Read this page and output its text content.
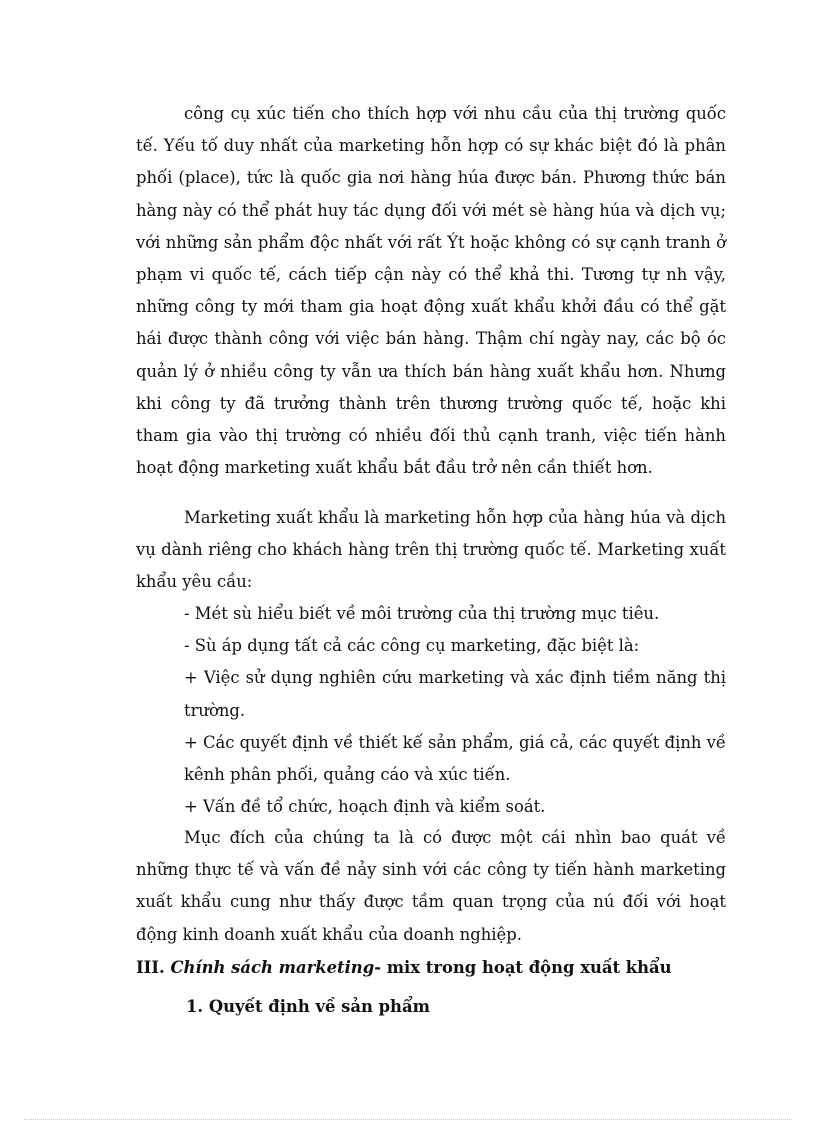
công cụ xúc tiến cho thích hợp với nhu cầu của thị trường quốc tế. Yếu tố duy nhất của marketing hỗn hợp có sự khác biệt đó là phân phối (place), tức là quốc gia nơi hàng húa được bán. Phương thức bán hàng này có thể phát huy tác dụng đối với mét sè hàng húa và dịch vụ; với những sản phẩm độc nhất với rất Ýt hoặc không có sự cạnh tranh ở phạm vi quốc tế, cách tiếp cận này có thể khả thi. Tương tự nh vậy, những công ty mới tham gia hoạt động xuất khẩu khởi đầu có thể gặt hái được thành công với việc bán hàng. Thậm chí ngày nay, các bộ óc quản lý ở nhiều công ty vẫn ưa thích bán hàng xuất khẩu hơn. Nhưng khi công ty đã trưởng thành trên thương trường quốc tế, hoặc khi tham gia vào thị trường có nhiều đối thủ cạnh tranh, việc tiến hành hoạt động marketing xuất khẩu bắt đầu trở nên cần thiết hơn.

Marketing xuất khẩu là marketing hỗn hợp của hàng húa và dịch vụ dành riêng cho khách hàng trên thị trường quốc tế. Marketing xuất khẩu yêu cầu:

- Mét sù hiểu biết về môi trường của thị trường mục tiêu.

- Sù áp dụng tất cả các công cụ marketing, đặc biệt là:

+ Việc sử dụng nghiên cứu marketing và xác định tiềm năng thị trường.

+ Các quyết định về thiết kế sản phẩm, giá cả, các quyết định về kênh phân phối, quảng cáo và xúc tiến.

+ Vấn đề tổ chức, hoạch định và kiểm soát.

Mục đích của chúng ta là có được một cái nhìn bao quát về những thực tế và vấn đề nảy sinh với các công ty tiến hành marketing xuất khẩu cung như thấy được tầm quan trọng của nú đối với hoạt động kinh doanh xuất khẩu của doanh nghiệp.

III. Chính sách marketing- mix trong hoạt động xuất khẩu
1. Quyết định về sản phẩm
